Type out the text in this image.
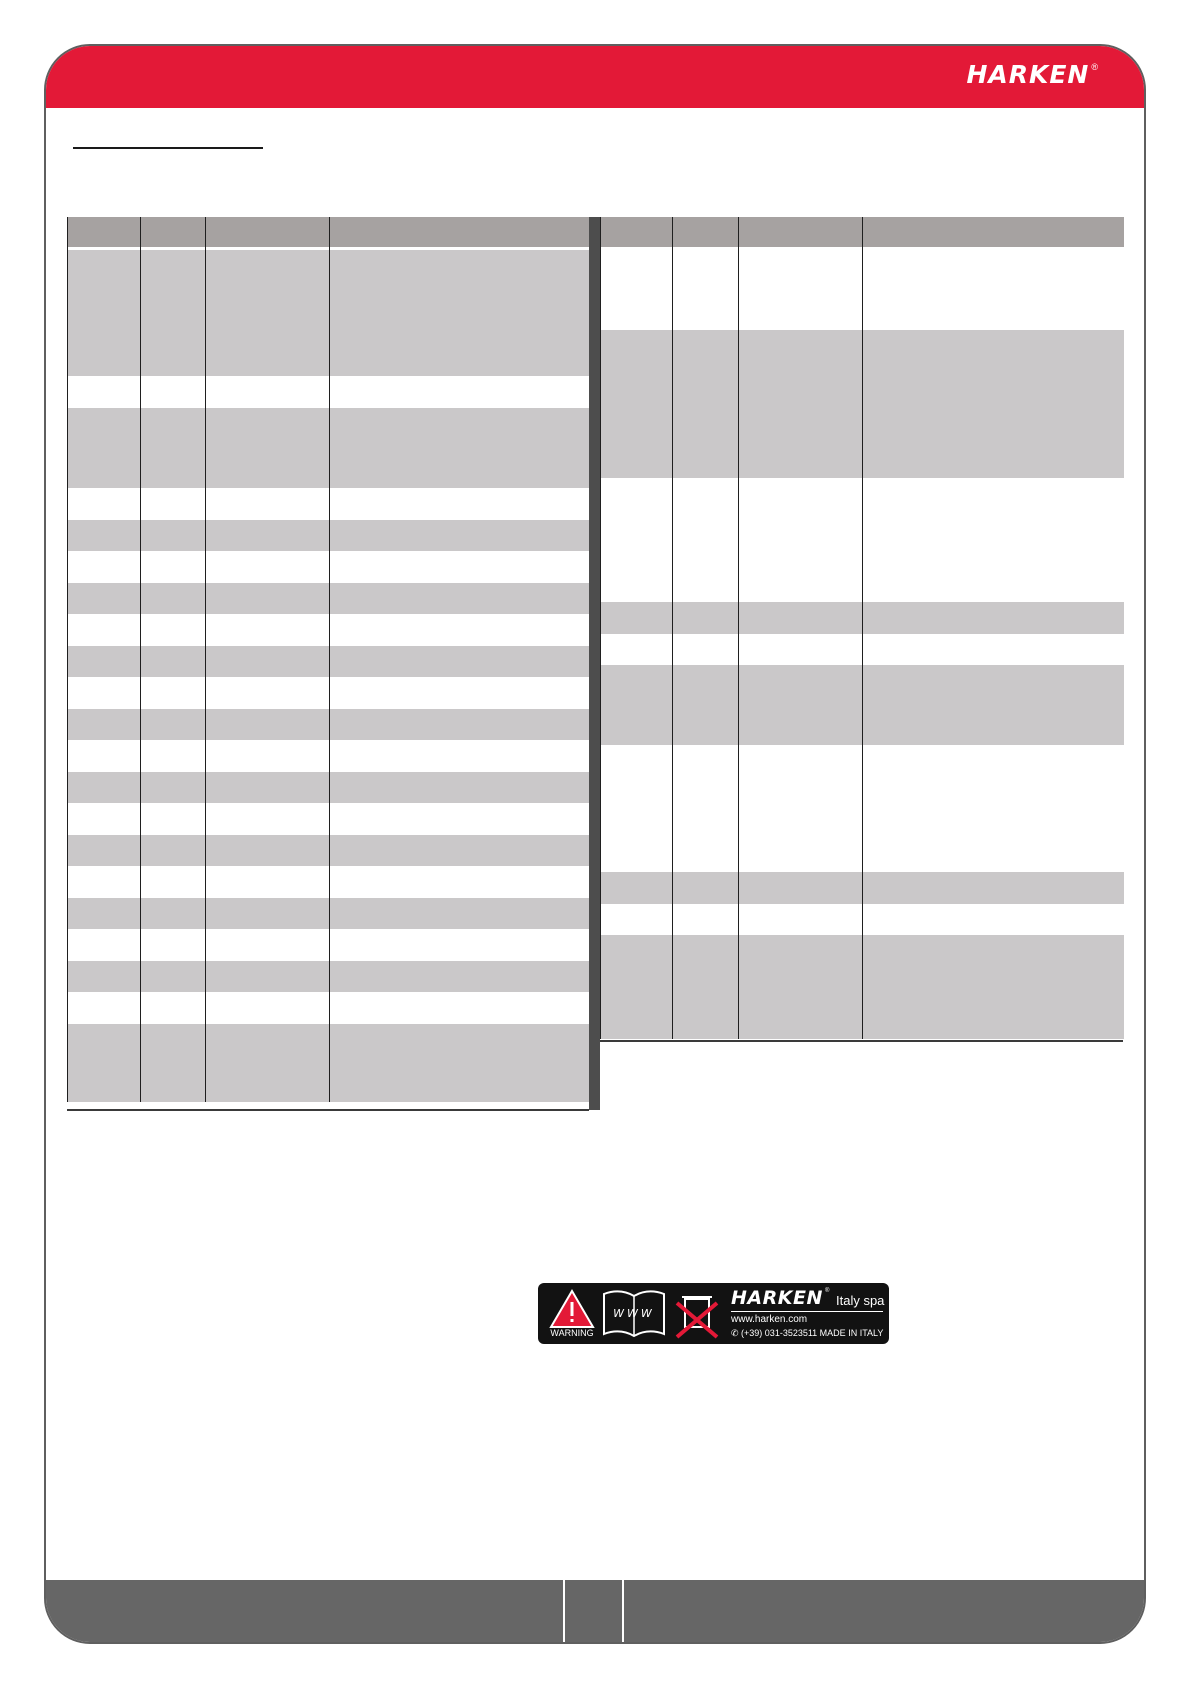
HARKEN ®

WARNING
WWW
HARKEN ®
Italy spa
www.harken.com
✆ (+39) 031-3523511 MADE IN ITALY
